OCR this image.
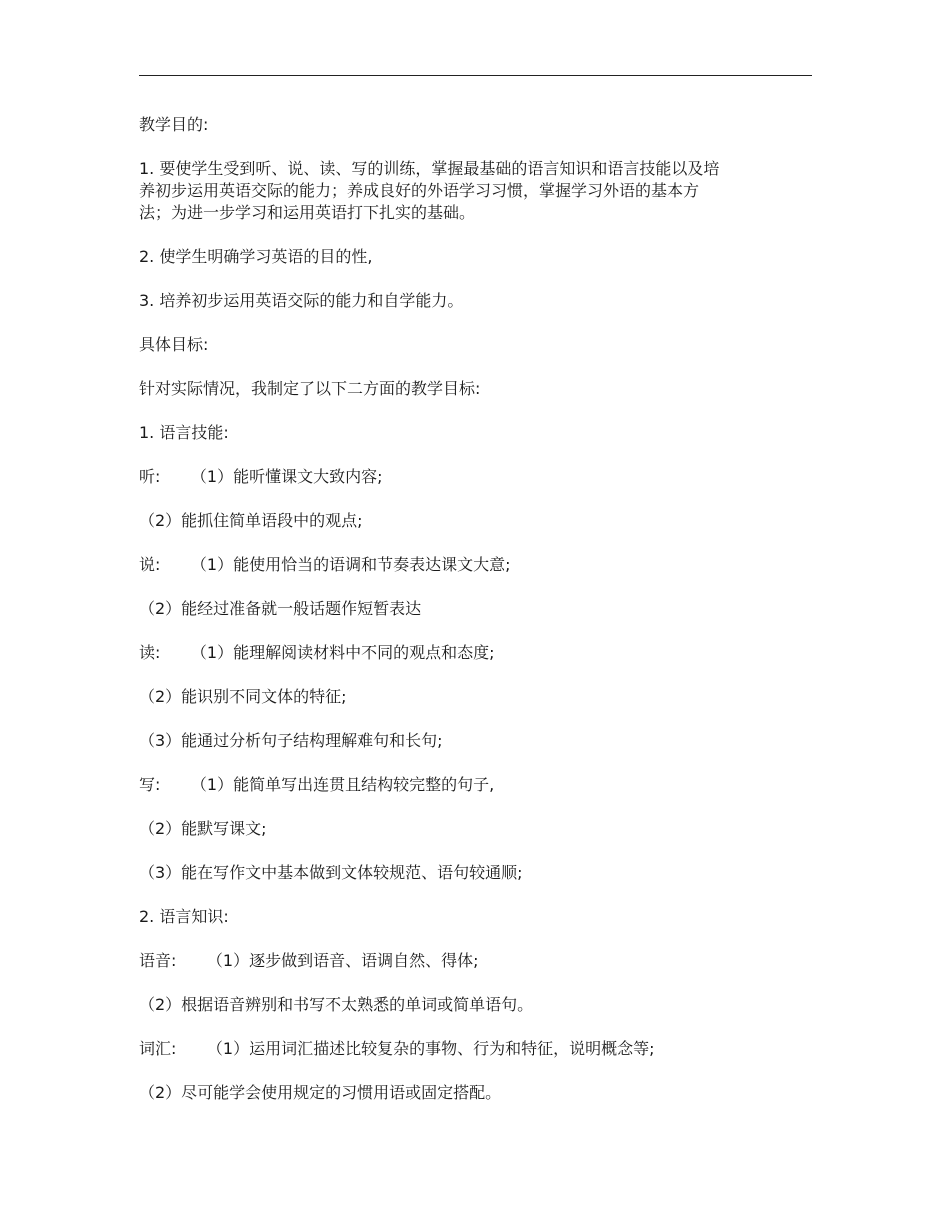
教学目的:

1. 要使学生受到听、说、读、写的训练，掌握最基础的语言知识和语言技能以及培
养初步运用英语交际的能力；养成良好的外语学习习惯，掌握学习外语的基本方
法；为进一步学习和运用英语打下扎实的基础。

2. 使学生明确学习英语的目的性,

3. 培养初步运用英语交际的能力和自学能力。

具体目标:

针对实际情况，我制定了以下二方面的教学目标:

1. 语言技能:

听:      （1）能听懂课文大致内容;

（2）能抓住简单语段中的观点;

说:      （1）能使用恰当的语调和节奏表达课文大意;

（2）能经过准备就一般话题作短暂表达

读:      （1）能理解阅读材料中不同的观点和态度;

（2）能识别不同文体的特征;

（3）能通过分析句子结构理解难句和长句;

写:      （1）能简单写出连贯且结构较完整的句子,

（2）能默写课文;

（3）能在写作文中基本做到文体较规范、语句较通顺;

2. 语言知识:

语音:      （1）逐步做到语音、语调自然、得体;

（2）根据语音辨别和书写不太熟悉的单词或简单语句。

词汇:      （1）运用词汇描述比较复杂的事物、行为和特征，说明概念等;

（2）尽可能学会使用规定的习惯用语或固定搭配。
